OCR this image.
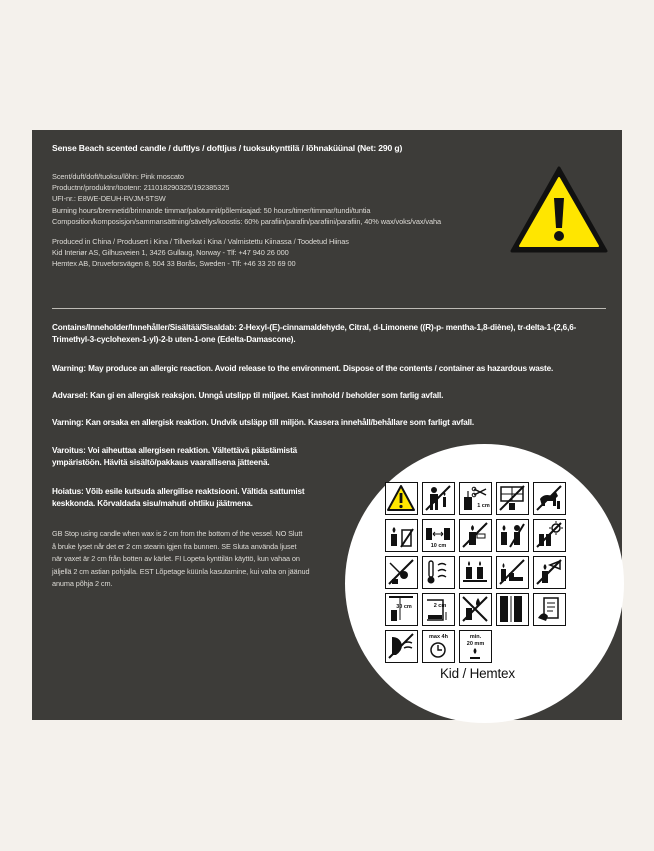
Sense Beach scented candle / duftlys / doftljus / tuoksukynttilä / lõhnaküünal (Net: 290 g)
Scent/duft/doft/tuoksu/lõhn: Pink moscato
Productnr/produktnr/tootenr: 211018290325/192385325
UFI-nr.: E8WE-DEUH-RVJM-5TSW
Burning hours/brennetid/brinnande timmar/palotunnit/põlemisajad: 50 hours/timer/timmar/tundi/tuntia
Composition/komposisjon/sammansättning/sävellys/koostis: 60% parafiin/parafin/parafiini/parafiin, 40% wax/voks/vax/vaha
Produced in China / Produsert i Kina / Tillverkat i Kina / Valmistettu Kiinassa / Toodetud Hiinas
Kid Interiør AS, Gilhusveien 1, 3426 Gullaug, Norway - Tlf: +47 940 26 000
Hemtex AB, Druveforsvägen 8, 504 33 Borås, Sweden - Tlf: +46 33 20 69 00
Contains/Inneholder/Innehåller/Sisältää/Sisaldab: 2-Hexyl-(E)-cinnamaldehyde, Citral, d-Limonene ((R)-p- mentha-1,8-diène), tr-delta-1-(2,6,6-Trimethyl-3-cyclohexen-1-yl)-2-b uten-1-one (Edelta-Damascone).
Warning: May produce an allergic reaction. Avoid release to the environment. Dispose of the contents / container as hazardous waste.
Advarsel: Kan gi en allergisk reaksjon. Unngå utslipp til miljøet. Kast innhold / beholder som farlig avfall.
Varning: Kan orsaka en allergisk reaktion. Undvik utsläpp till miljön. Kassera innehåll/behållare som farligt avfall.
Varoitus: Voi aiheuttaa allergisen reaktion. Vältettävä päästämistä
ympäristöön. Hävitä sisältö/pakkaus vaarallisena jätteenä.
Hoiatus: Võib esile kutsuda allergilise reaktsiooni. Vältida sattumist
keskkonda. Kõrvaldada sisu/mahuti ohtliku jäätmena.
GB Stop using candle when wax is 2 cm from the bottom of the vessel. NO Slutt
å bruke lyset når det er 2 cm stearin igjen fra bunnen. SE Sluta använda ljuset
när vaxet är 2 cm från botten av kärlet. FI Lopeta kynttilän käyttö, kun vahaa on
jäljellä 2 cm astian pohjalla. EST Lõpetage küünla kasutamine, kui vaha on jäänud
anuma põhja 2 cm.
1 cm
10 cm
30 cm	2 cm
max 4h	min.
20 mm
Kid / Hemtex
